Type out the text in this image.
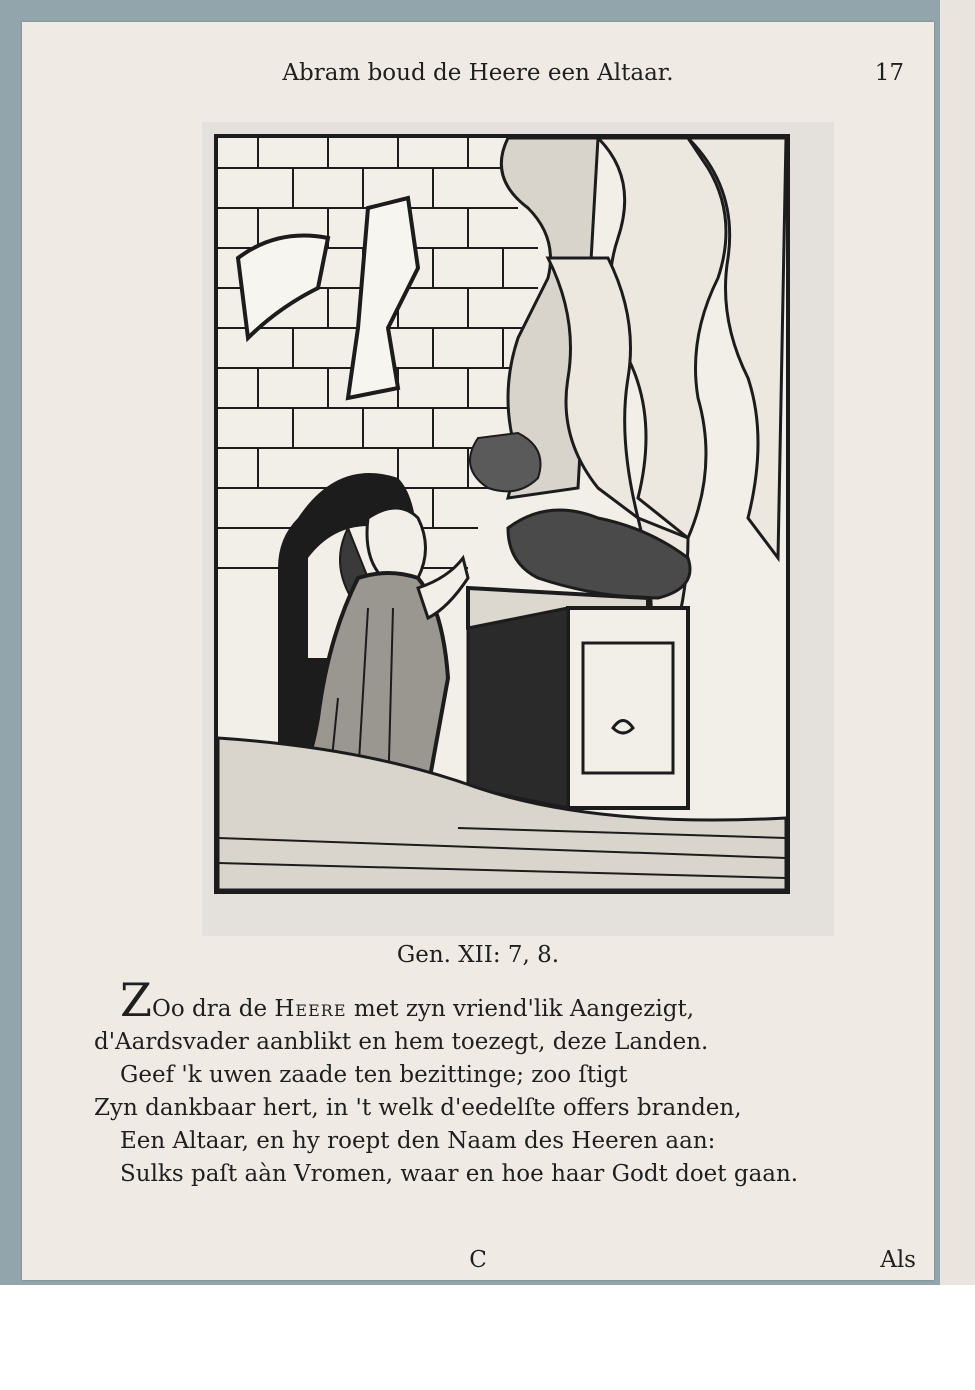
Abram boud de Heere een Altaar.	17
Gen. XII: 7, 8.
ZOo dra de Heere met zyn vriend'lik Aangezigt,
d'Aardsvader aanblikt en hem toezegt, deze Landen.
Geef 'k uwen zaade ten bezittinge; zoo ſtigt
Zyn dankbaar hert, in 't welk d'eedelſte offers branden,
Een Altaar, en hy roept den Naam des Heeren aan:
Sulks paſt aàn Vromen, waar en hoe haar Godt doet gaan.
C	Als
